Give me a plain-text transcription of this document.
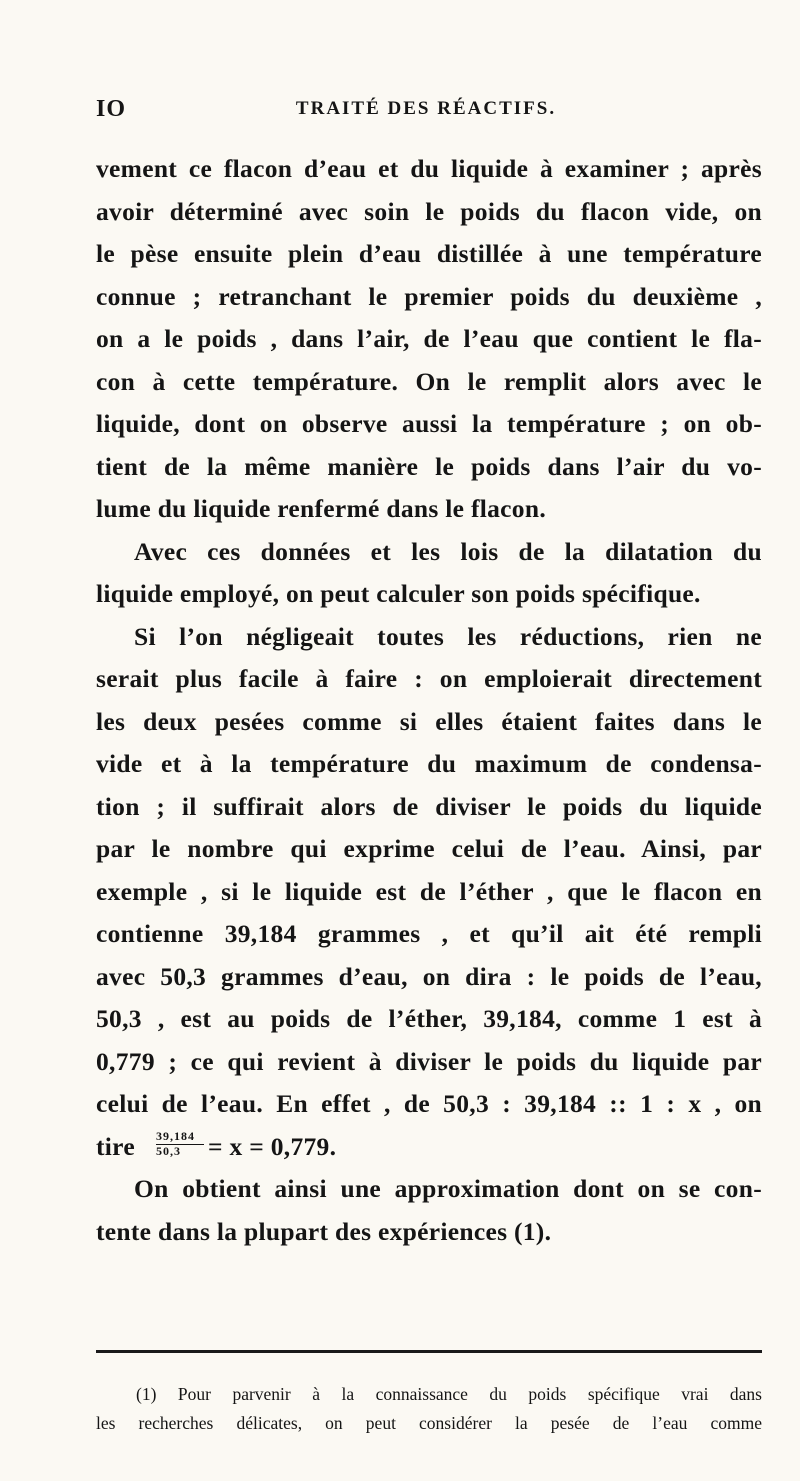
IO	TRAITÉ DES RÉACTIFS.
vement ce flacon d’eau et du liquide à examiner ; après
avoir déterminé avec soin le poids du flacon vide, on
le pèse ensuite plein d’eau distillée à une température
connue ; retranchant le premier poids du deuxième ,
on a le poids , dans l’air, de l’eau que contient le fla-
con à cette température. On le remplit alors avec le
liquide, dont on observe aussi la température ; on ob-
tient de la même manière le poids dans l’air du vo-
lume du liquide renfermé dans le flacon.
Avec ces données et les lois de la dilatation du
liquide employé, on peut calculer son poids spécifique.
Si l’on négligeait toutes les réductions, rien ne
serait plus facile à faire : on emploierait directement
les deux pesées comme si elles étaient faites dans le
vide et à la température du maximum de condensa-
tion ; il suffirait alors de diviser le poids du liquide
par le nombre qui exprime celui de l’eau. Ainsi, par
exemple , si le liquide est de l’éther , que le flacon en
contienne 39,184 grammes , et qu’il ait été rempli
avec 50,3 grammes d’eau, on dira : le poids de l’eau,
50,3 , est au poids de l’éther, 39,184, comme 1 est à
0,779 ; ce qui revient à diviser le poids du liquide par
celui de l’eau. En effet , de 50,3 : 39,184 :: 1 : x , on
tire $\frac{39,184}{50,3} = x = 0,779$.
On obtient ainsi une approximation dont on se con-
tente dans la plupart des expériences (1).
(1) Pour parvenir à la connaissance du poids spécifique vrai dans
les recherches délicates, on peut considérer la pesée de l’eau comme
